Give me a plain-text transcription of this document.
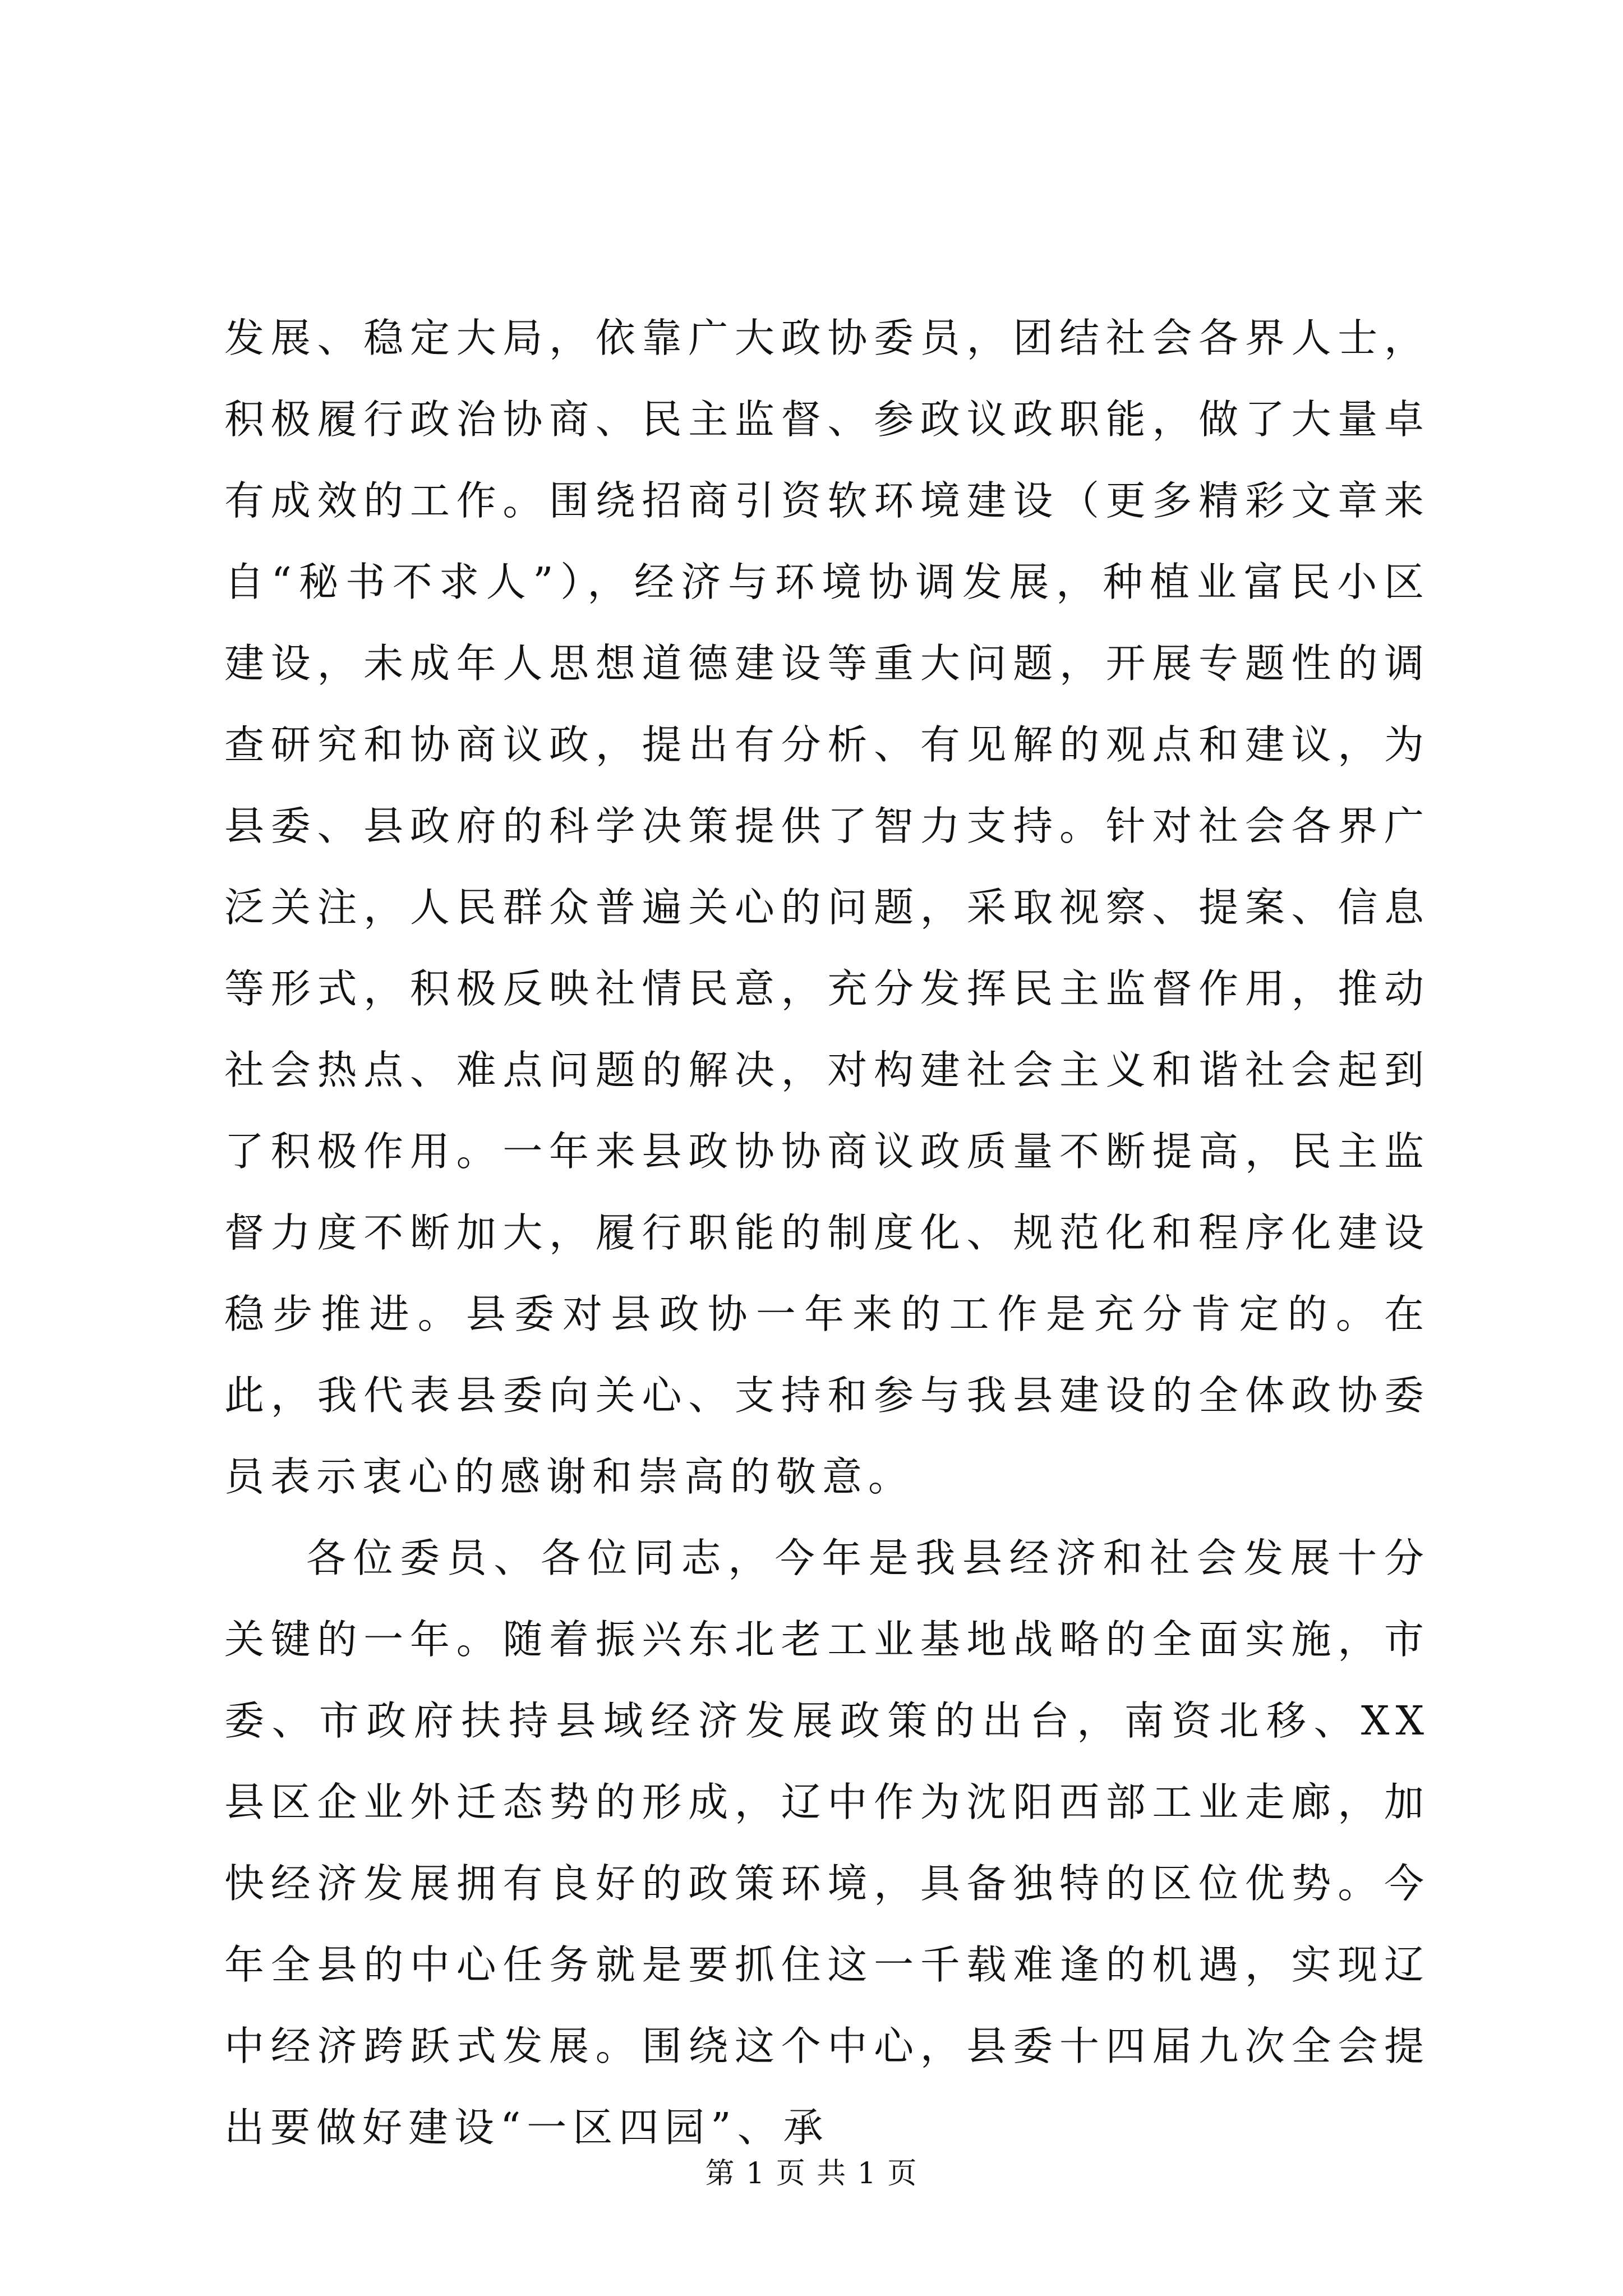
发展、稳定大局，依靠广大政协委员，团结社会各界人士，积极履行政治协商、民主监督、参政议政职能，做了大量卓有成效的工作。围绕招商引资软环境建设（更多精彩文章来自“秘书不求人”），经济与环境协调发展，种植业富民小区建设，未成年人思想道德建设等重大问题，开展专题性的调查研究和协商议政，提出有分析、有见解的观点和建议，为县委、县政府的科学决策提供了智力支持。针对社会各界广泛关注，人民群众普遍关心的问题，采取视察、提案、信息等形式，积极反映社情民意，充分发挥民主监督作用，推动社会热点、难点问题的解决，对构建社会主义和谐社会起到了积极作用。一年来县政协协商议政质量不断提高，民主监督力度不断加大，履行职能的制度化、规范化和程序化建设稳步推进。县委对县政协一年来的工作是充分肯定的。在此，我代表县委向关心、支持和参与我县建设的全体政协委员表示衷心的感谢和崇高的敬意。

各位委员、各位同志，今年是我县经济和社会发展十分关键的一年。随着振兴东北老工业基地战略的全面实施，市委、市政府扶持县域经济发展政策的出台，南资北移、XX县区企业外迁态势的形成，辽中作为沈阳西部工业走廊，加快经济发展拥有良好的政策环境，具备独特的区位优势。今年全县的中心任务就是要抓住这一千载难逢的机遇，实现辽中经济跨跃式发展。围绕这个中心，县委十四届九次全会提出要做好建设“一区四园”、承

第 1 页 共 1 页
